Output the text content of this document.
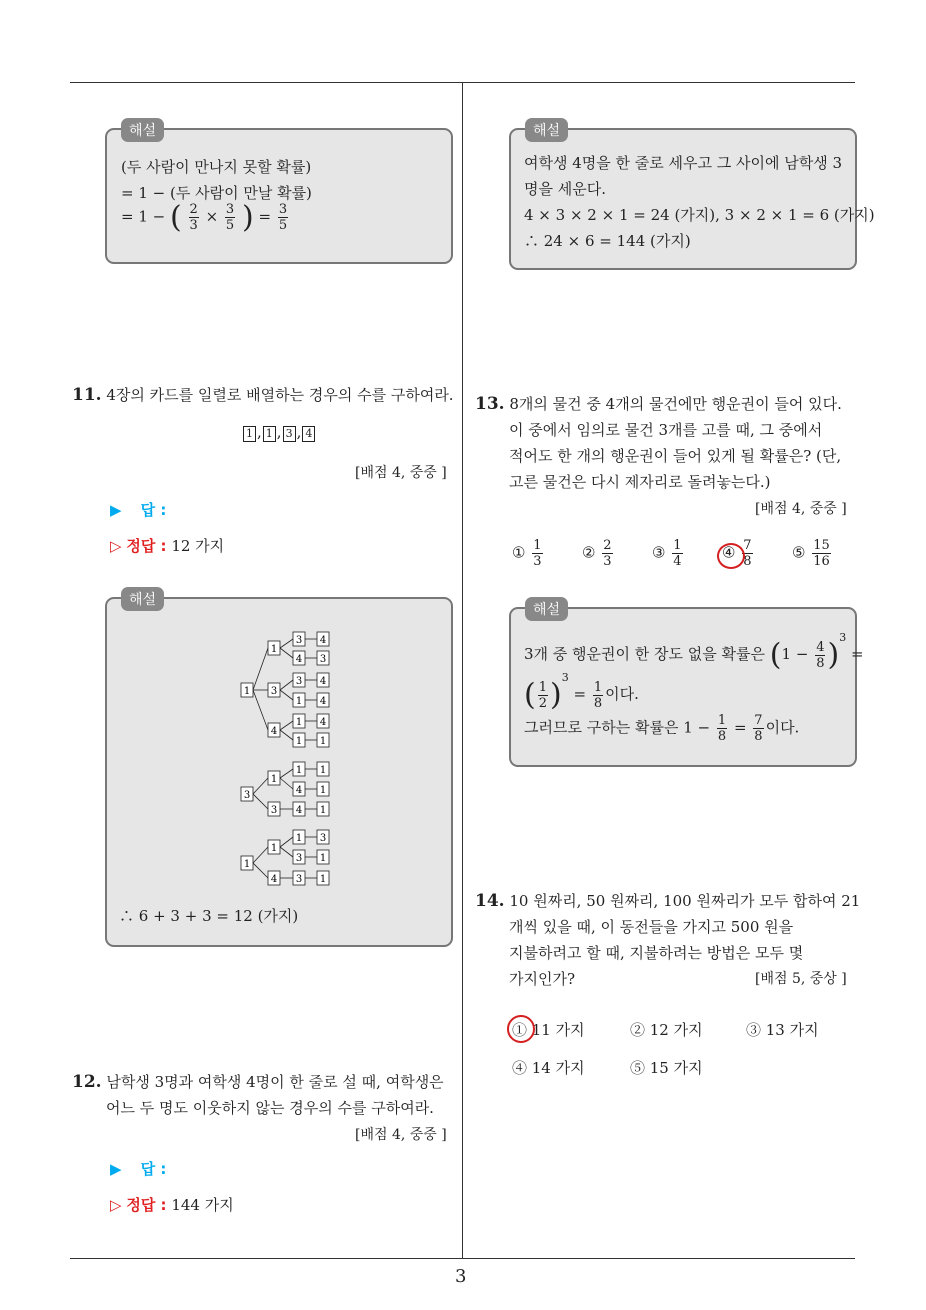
3
해설
(두 사람이 만나지 못할 확률)
= 1 − (두 사람이 만날 확률)
= 1 − ( $\frac{2}{3} \times \frac{3}{5}$ ) = $\frac{3}{5}$
11. 4장의 카드를 일렬로 배열하는 경우의 수를 구하여라.
1 , 1 , 3 , 4
[배점 4, 중중 ]
▶ 답 :
▷ 정답 : 12 가지
해설
1
1
3
4
3
4
4
3
3
1
4
4
1
1
4
1
3
1
3
1
4
1
1
4 1
1
1
4
1
3
3
1
3 1
∴ 6 + 3 + 3 = 12 (가지)
12. 남학생 3명과 여학생 4명이 한 줄로 설 때, 여학생은
어느 두 명도 이웃하지 않는 경우의 수를 구하여라.
[배점 4, 중중 ]
▶ 답 :
▷ 정답 : 144 가지
해설
여학생 4명을 한 줄로 세우고 그 사이에 남학생 3
명을 세운다.
4 × 3 × 2 × 1 = 24 (가지), 3 × 2 × 1 = 6 (가지)
∴ 24 × 6 = 144 (가지)
13. 8개의 물건 중 4개의 물건에만 행운권이 들어 있다.
이 중에서 임의로 물건 3개를 고를 때, 그 중에서
적어도 한 개의 행운권이 들어 있게 될 확률은? (단,
고른 물건은 다시 제자리로 돌려놓는다.)
[배점 4, 중중 ]
① $\frac{1}{3}$	② $\frac{2}{3}$	③ $\frac{1}{4}$	④ $\frac{7}{8}$	⑤ $\frac{15}{16}$
해설
3개 중 행운권이 한 장도 없을 확률은 $(1 - \frac{4}{8} )^3$ =
( $\frac{1}{2} )^3 = \frac{1}{8}$ 이다.
그러므로 구하는 확률은 $1 - \frac{1}{8} = \frac{7}{8}$ 이다.
14. 10 원짜리, 50 원짜리, 100 원짜리가 모두 합하여 21
개씩 있을 때, 이 동전들을 가지고 500 원을
지불하려고 할 때, 지불하려는 방법은 모두 몇
가지인가?	[배점 5, 중상 ]
① 11 가지	② 12 가지	③ 13 가지
④ 14 가지	⑤ 15 가지
